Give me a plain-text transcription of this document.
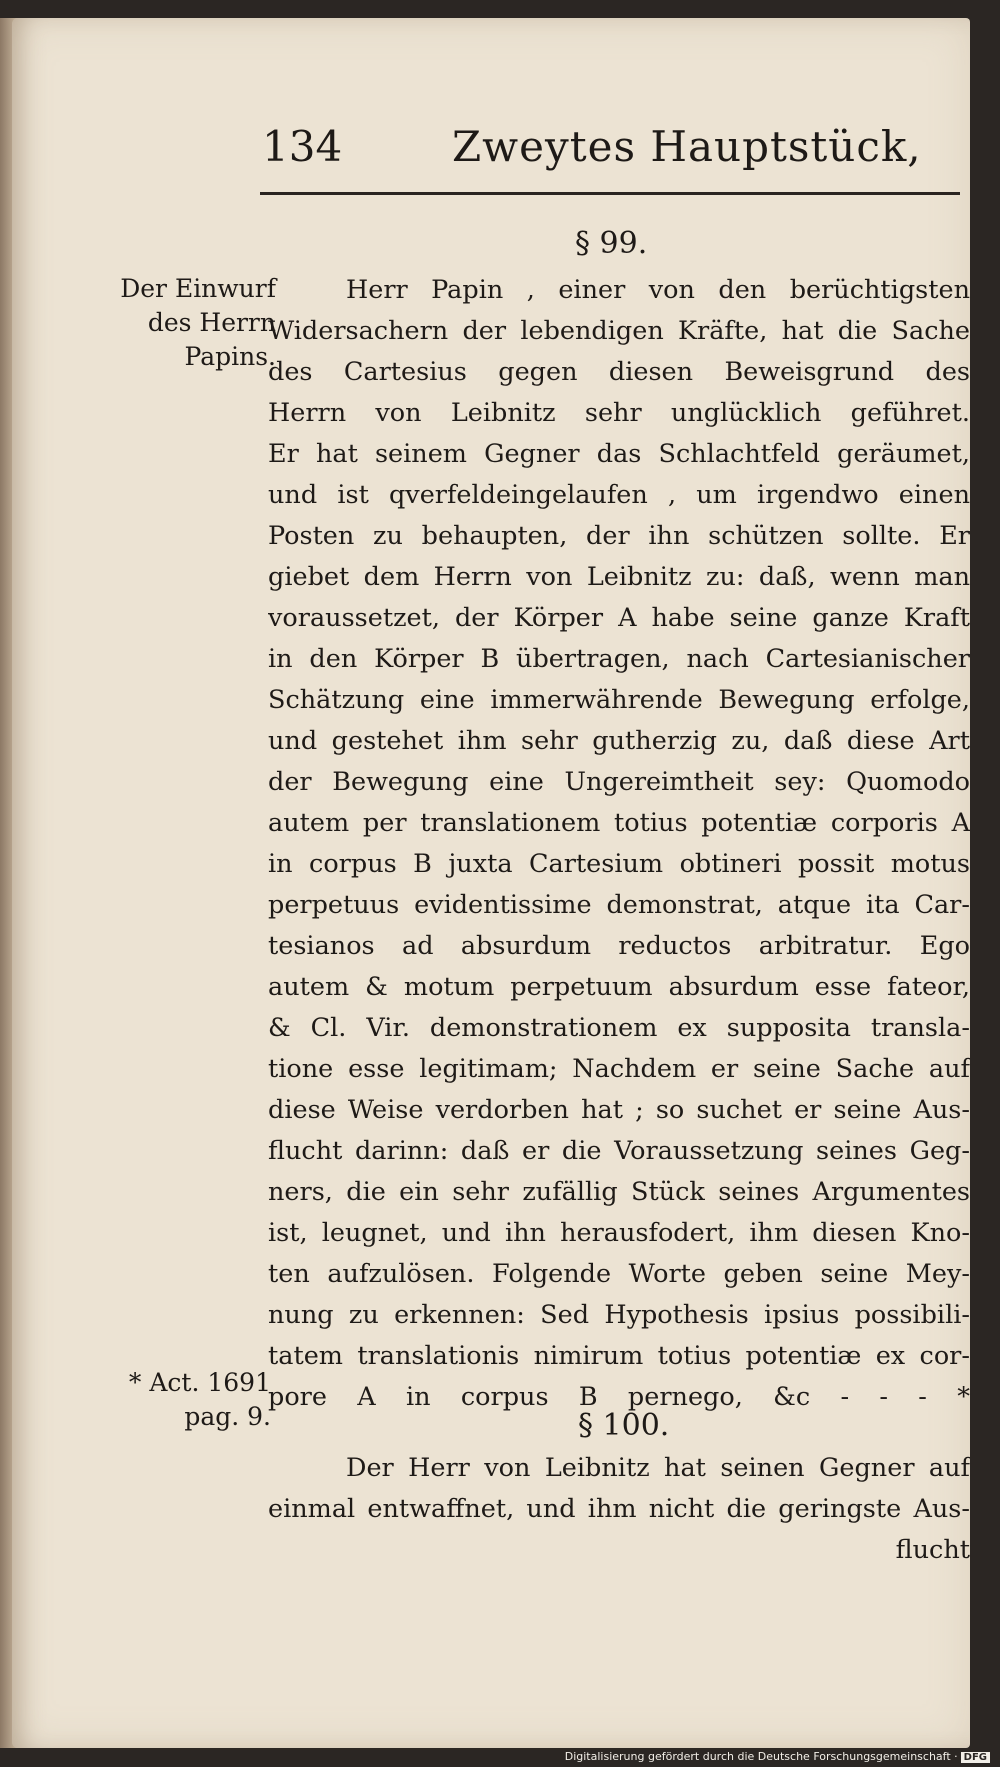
134	Zweytes Hauptstück,
§ 99.
Der Einwurf
des Herrn
Papins.
Herr Papin , einer von den berüchtigsten
Widersachern der lebendigen Kräfte, hat die Sache
des Cartesius gegen diesen Beweisgrund des
Herrn von Leibnitz sehr unglücklich geführet.
Er hat seinem Gegner das Schlachtfeld geräumet,
und ist qverfeldeingelaufen , um irgendwo einen
Posten zu behaupten, der ihn schützen sollte. Er
giebet dem Herrn von Leibnitz zu: daß, wenn man
voraussetzet, der Körper A habe seine ganze Kraft
in den Körper B übertragen, nach Cartesianischer
Schätzung eine immerwährende Bewegung erfolge,
und gestehet ihm sehr gutherzig zu, daß diese Art
der Bewegung eine Ungereimtheit sey: Quomodo
autem per translationem totius potentiæ corporis A
in corpus B juxta Cartesium obtineri possit motus
perpetuus evidentissime demonstrat, atque ita Car-
tesianos ad absurdum reductos arbitratur. Ego
autem & motum perpetuum absurdum esse fateor,
& Cl. Vir. demonstrationem ex supposita transla-
tione esse legitimam; Nachdem er seine Sache auf
diese Weise verdorben hat ; so suchet er seine Aus-
flucht darinn: daß er die Voraussetzung seines Geg-
ners, die ein sehr zufällig Stück seines Argumentes
ist, leugnet, und ihn herausfodert, ihm diesen Kno-
ten aufzulösen. Folgende Worte geben seine Mey-
nung zu erkennen: Sed Hypothesis ipsius possibili-
tatem translationis nimirum totius potentiæ ex cor-
pore A in corpus B pernego, &c - - - *
* Act. 1691
pag. 9.	§ 100.
Der Herr von Leibnitz hat seinen Gegner auf
einmal entwaffnet, und ihm nicht die geringste Aus-
flucht
Digitalisierung gefördert durch die Deutsche Forschungsgemeinschaft · DFG
